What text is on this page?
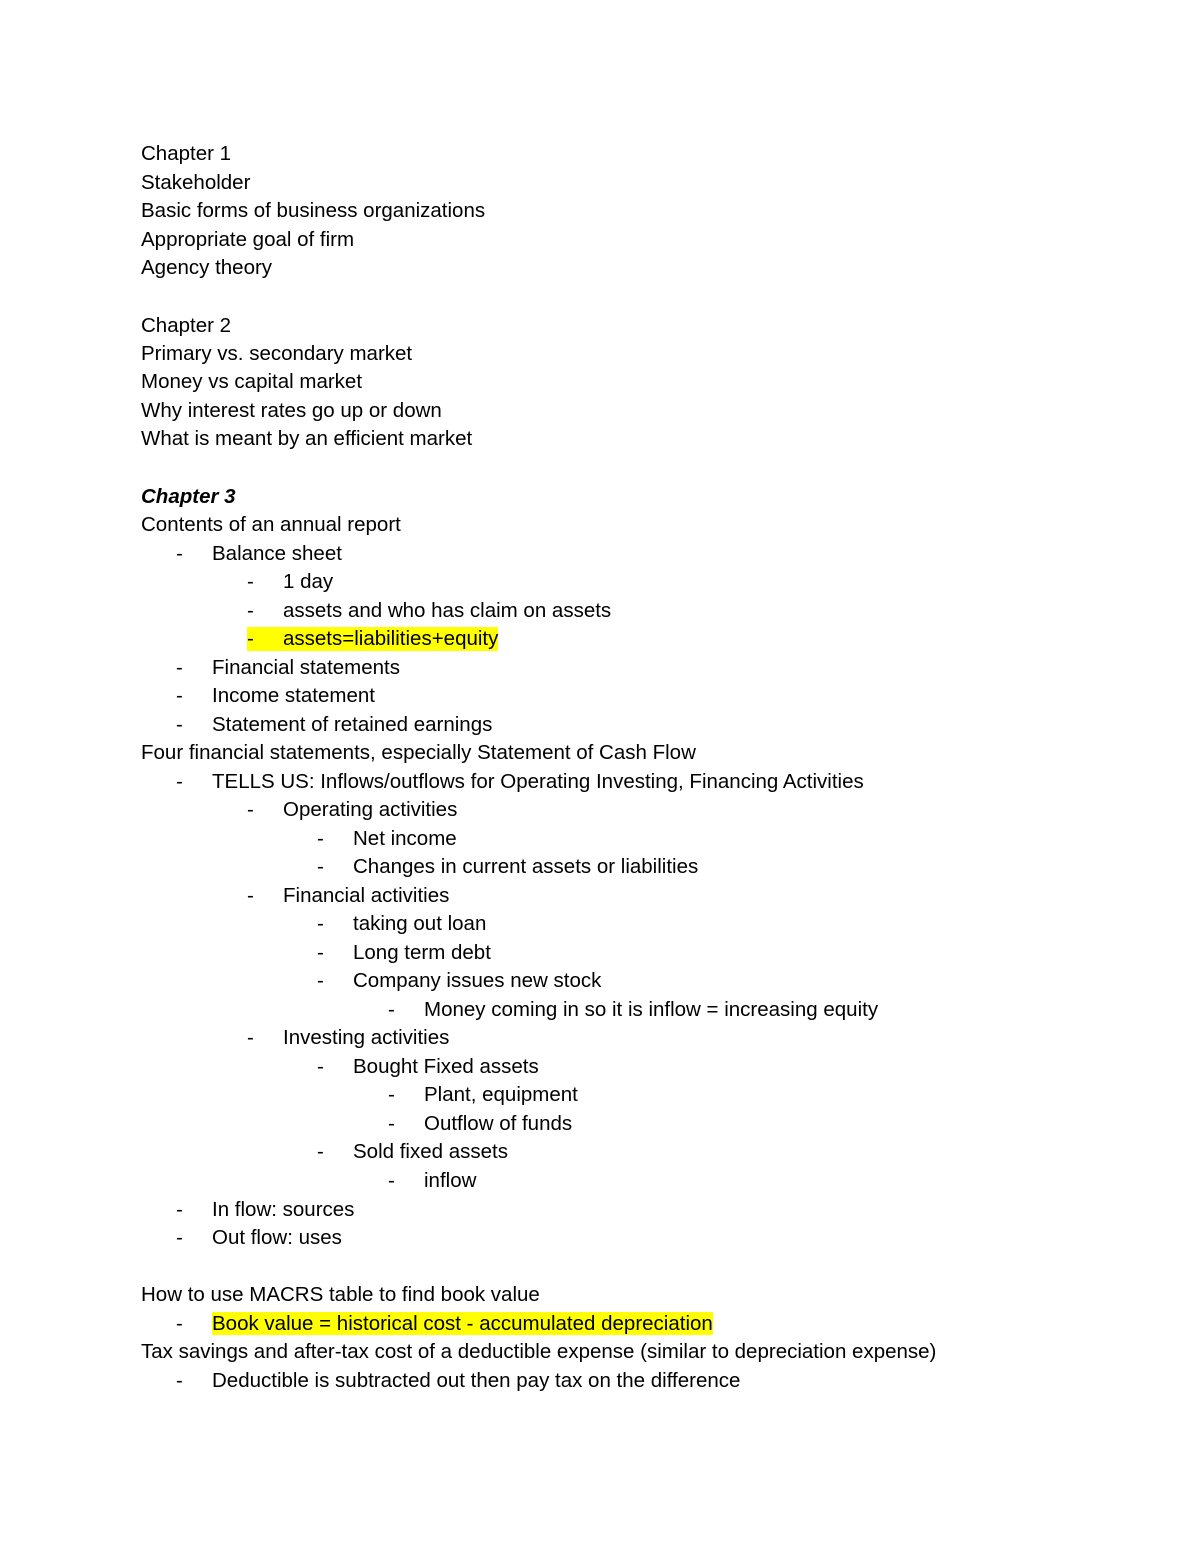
Chapter 1
Stakeholder
Basic forms of business organizations
Appropriate goal of firm
Agency theory
Chapter 2
Primary vs. secondary market
Money vs capital market
Why interest rates go up or down
What is meant by an efficient market
Chapter 3
Contents of an annual report
- Balance sheet
- 1 day
- assets and who has claim on assets
- assets=liabilities+equity
- Financial statements
- Income statement
- Statement of retained earnings
Four financial statements, especially Statement of Cash Flow
- TELLS US: Inflows/outflows for Operating Investing, Financing Activities
- Operating activities
- Net income
- Changes in current assets or liabilities
- Financial activities
- taking out loan
- Long term debt
- Company issues new stock
- Money coming in so it is inflow = increasing equity
- Investing activities
- Bought Fixed assets
- Plant, equipment
- Outflow of funds
- Sold fixed assets
- inflow
- In flow: sources
- Out flow: uses
How to use MACRS table to find book value
- Book value = historical cost - accumulated depreciation
Tax savings and after-tax cost of a deductible expense (similar to depreciation expense)
- Deductible is subtracted out then pay tax on the difference
